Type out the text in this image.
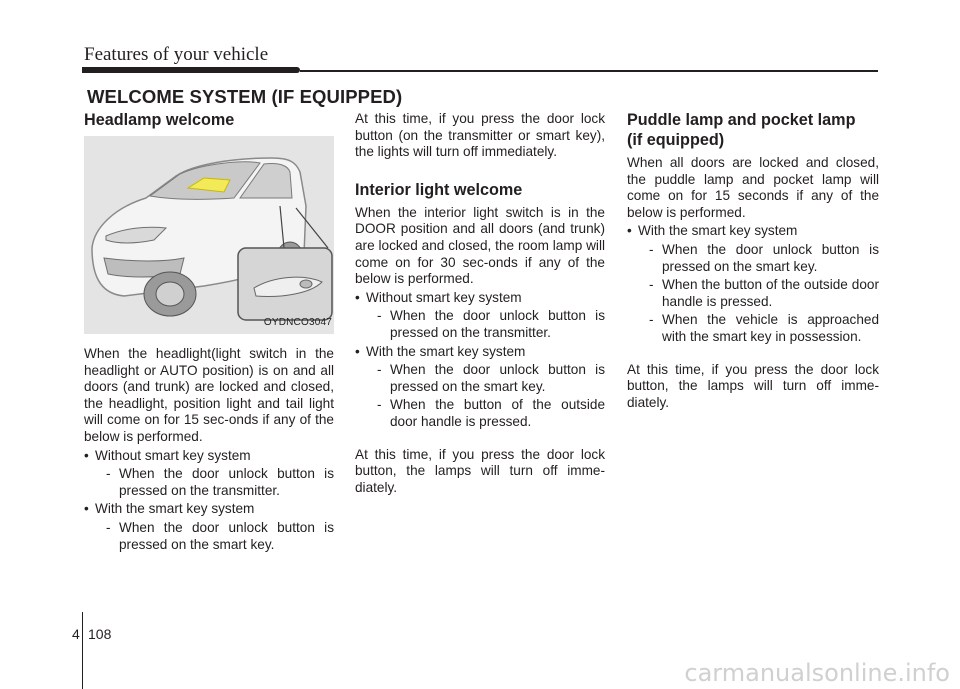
Features of your vehicle
WELCOME SYSTEM (IF EQUIPPED)
Headlamp welcome
OYDNCO3047

When the headlight(light switch in the headlight or AUTO position) is on and all doors (and trunk) are locked and closed, the headlight, position light and tail light will come on for 15 sec-onds if any of the below is performed.

• Without smart key system
- When the door unlock button is pressed on the transmitter.
• With the smart key system
- When the door unlock button is pressed on the smart key.

At this time, if you press the door lock button (on the transmitter or smart key), the lights will turn off immediately.

Interior light welcome

When the interior light switch is in the DOOR position and all doors (and trunk) are locked and closed, the room lamp will come on for 30 sec-onds if any of the below is performed.

• Without smart key system
- When the door unlock button is pressed on the transmitter.
• With the smart key system
- When the door unlock button is pressed on the smart key.
- When the button of the outside door handle is pressed.

At this time, if you press the door lock button, the lamps will turn off imme-diately.

Puddle lamp and pocket lamp
(if equipped)

When all doors are locked and closed, the puddle lamp and pocket lamp will come on for 15 seconds if any of the below is performed.

• With the smart key system
- When the door unlock button is pressed on the smart key.
- When the button of the outside door handle is pressed.
- When the vehicle is approached with the smart key in possession.

At this time, if you press the door lock button, the lamps will turn off imme-diately.

4 108
carmanualsonline.info
